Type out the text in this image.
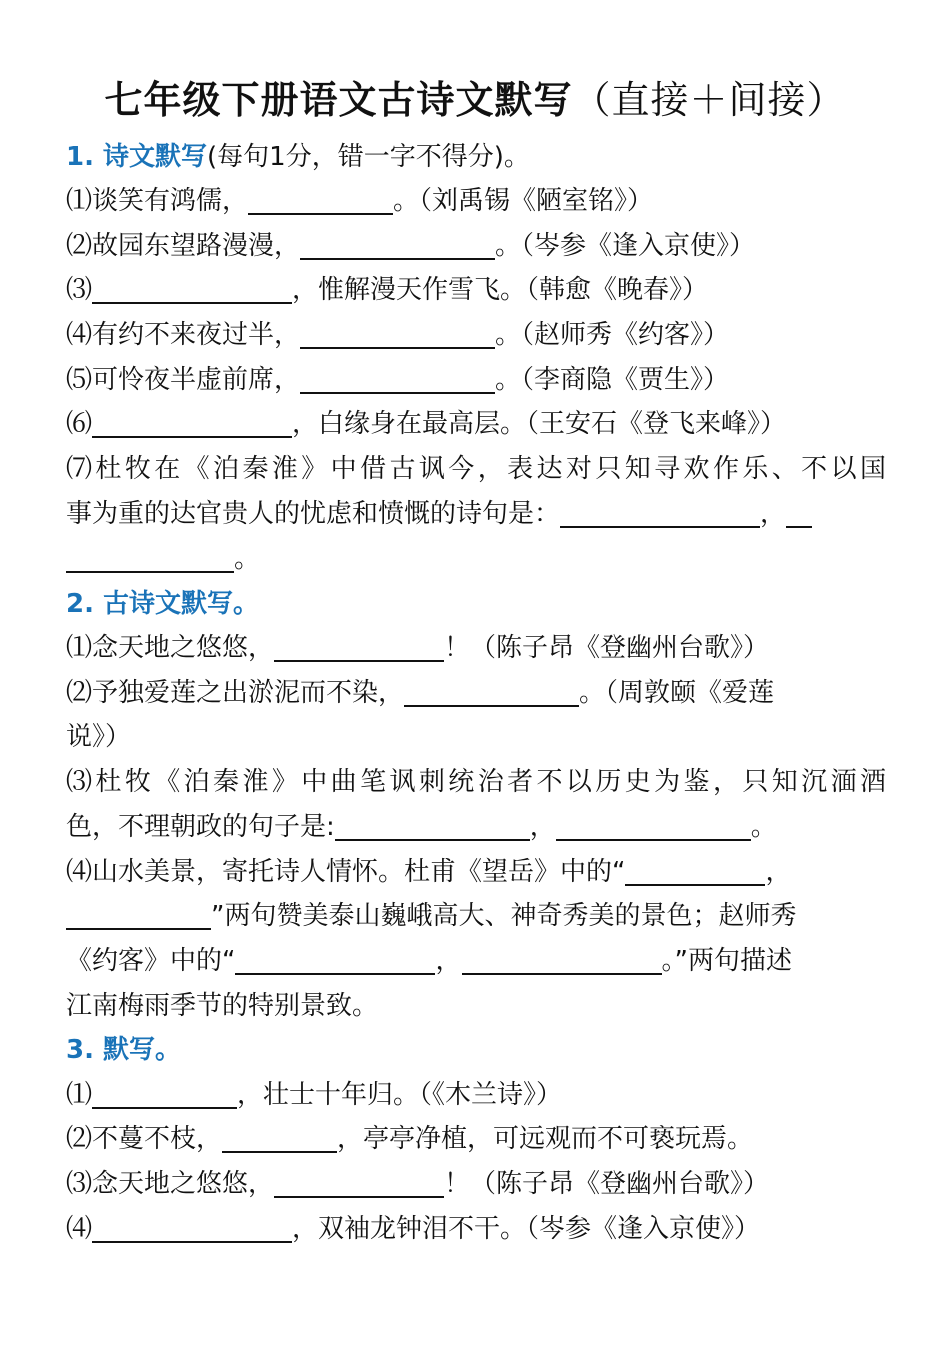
七年级下册语文古诗文默写（直接＋间接）
1. 诗文默写(每句1分，错一字不得分)。
⑴谈笑有鸿儒，	。（刘禹锡《陋室铭》）
⑵故园东望路漫漫，	。（岑参《逢入京使》）
⑶	，惟解漫天作雪飞。（韩愈《晚春》）
⑷有约不来夜过半，	。（赵师秀《约客》）
⑸可怜夜半虚前席，	。（李商隐《贾生》）
⑹	，白缘身在最高层。（王安石《登飞来峰》）
⑺杜牧在《泊秦淮》中借古讽今，表达对只知寻欢作乐、不以国
事为重的达官贵人的忧虑和愤慨的诗句是：	，
。
2. 古诗文默写。
⑴念天地之悠悠，	！（陈子昂《登幽州台歌》）
⑵予独爱莲之出淤泥而不染，	。（周敦颐《爱莲
说》）
⑶杜牧《泊秦淮》中曲笔讽刺统治者不以历史为鉴，只知沉湎酒
色，不理朝政的句子是:	，	。
⑷山水美景，寄托诗人情怀。杜甫《望岳》中的“	，
”两句赞美泰山巍峨高大、神奇秀美的景色；赵师秀
《约客》中的“	，	。”两句描述
江南梅雨季节的特别景致。
3. 默写。
⑴	，壮士十年归。（《木兰诗》）
⑵不蔓不枝，	，亭亭净植，可远观而不可亵玩焉。
⑶念天地之悠悠，	！（陈子昂《登幽州台歌》）
⑷	，双袖龙钟泪不干。（岑参《逢入京使》）
